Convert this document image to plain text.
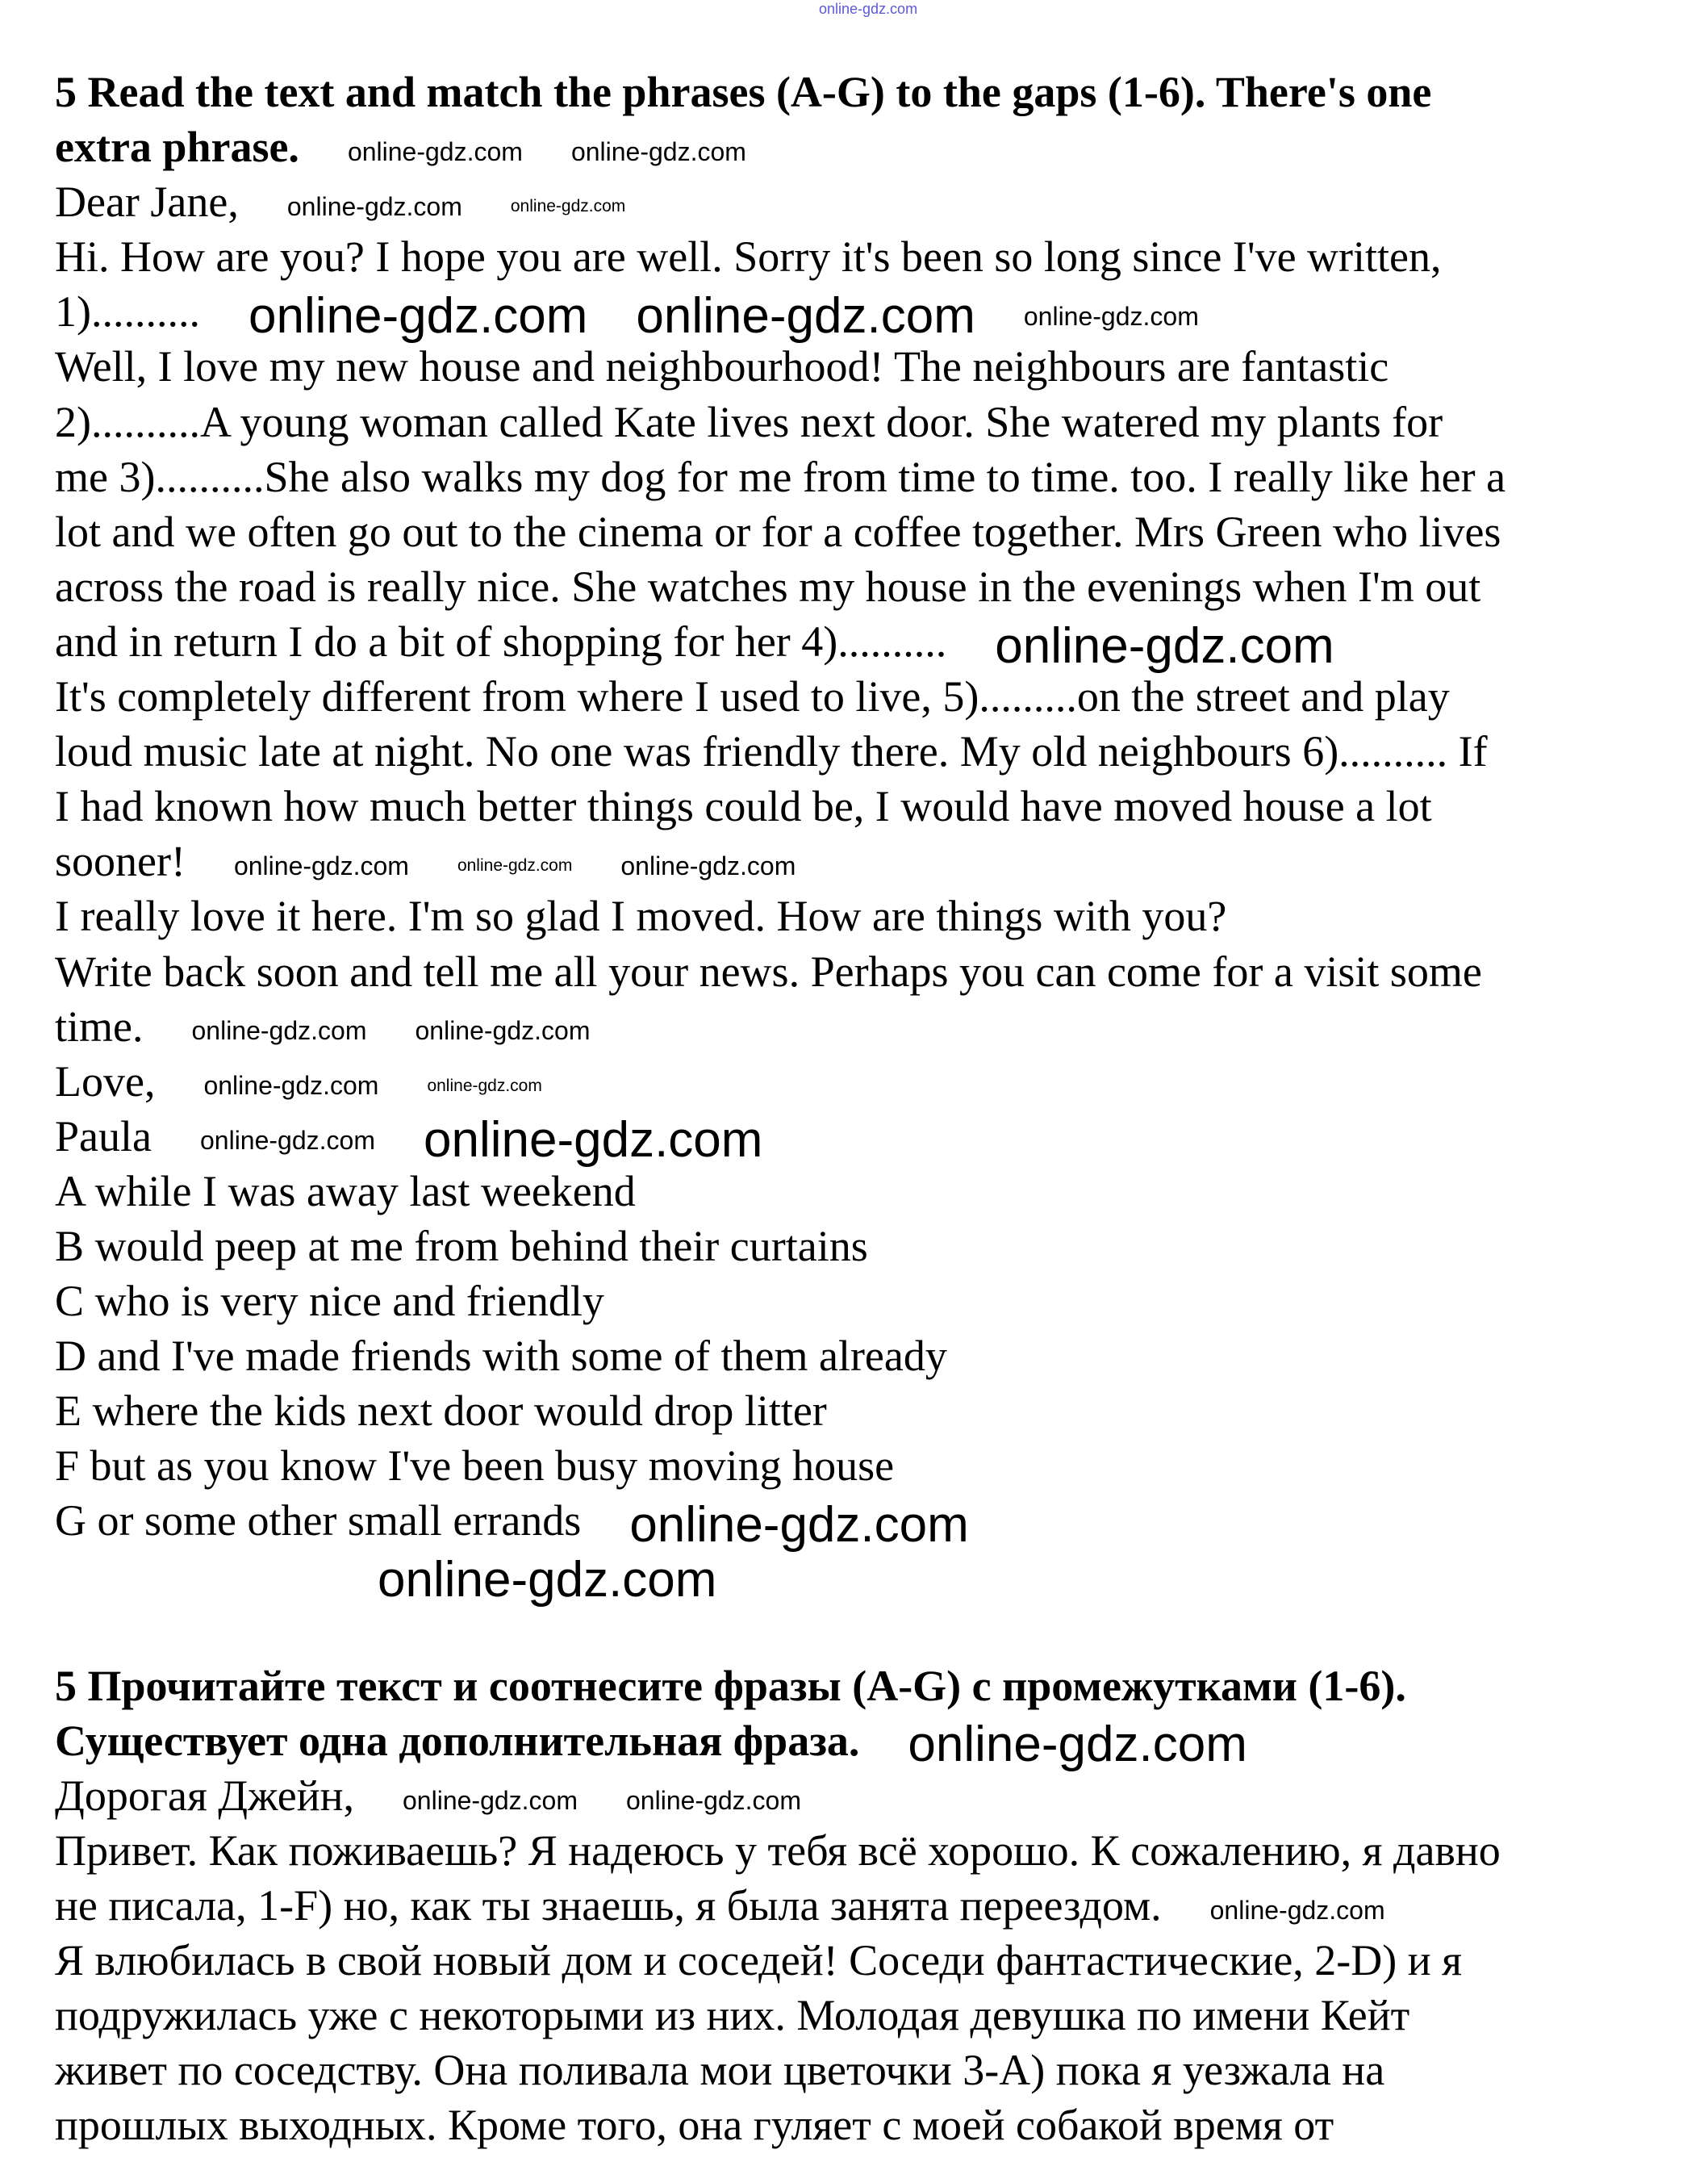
online-gdz.com
5 Read the text and match the phrases (A-G) to the gaps (1-6). There's one
extra phrase. online-gdz.com online-gdz.com
Dear Jane, online-gdz.com	online-gdz.com
Hi. How are you? I hope you are well. Sorry it's been so long since I've written,
1).......... online-gdz.com online-gdz.com online-gdz.com
Well, I love my new house and neighbourhood! The neighbours are fantastic
2)..........A young woman called Kate lives next door. She watered my plants for
me 3)..........She also walks my dog for me from time to time. too. I really like her a
lot and we often go out to the cinema or for a coffee together. Mrs Green who lives
across the road is really nice. She watches my house in the evenings when I'm out
and in return I do a bit of shopping for her 4).......... online-gdz.com
It's completely different from where I used to live, 5).........on the street and play
loud music late at night. No one was friendly there. My old neighbours 6).......... If
I had known how much better things could be, I would have moved house a lot
sooner! online-gdz.com	online-gdz.com online-gdz.com
I really love it here. I'm so glad I moved. How are things with you?
Write back soon and tell me all your news. Perhaps you can come for a visit some
time. online-gdz.com online-gdz.com
Love, online-gdz.com	online-gdz.com
Paula online-gdz.com online-gdz.com
A while I was away last weekend
B would peep at me from behind their curtains
C who is very nice and friendly
D and I've made friends with some of them already
E where the kids next door would drop litter
F but as you know I've been busy moving house
G or some other small errands online-gdz.com
online-gdz.com
5 Прочитайте текст и соотнесите фразы (A-G) с промежутками (1-6).
Существует одна дополнительная фраза. online-gdz.com
Дорогая Джейн, online-gdz.com online-gdz.com
Привет. Как поживаешь? Я надеюсь у тебя всё хорошо. К сожалению, я давно
не писала, 1-F) но, как ты знаешь, я была занята переездом. online-gdz.com
Я влюбилась в свой новый дом и соседей! Соседи фантастические, 2-D) и я
подружилась уже с некоторыми из них. Молодая девушка по имени Кейт
живет по соседству. Она поливала мои цветочки 3-A) пока я уезжала на
прошлых выходных. Кроме того, она гуляет с моей собакой время от
